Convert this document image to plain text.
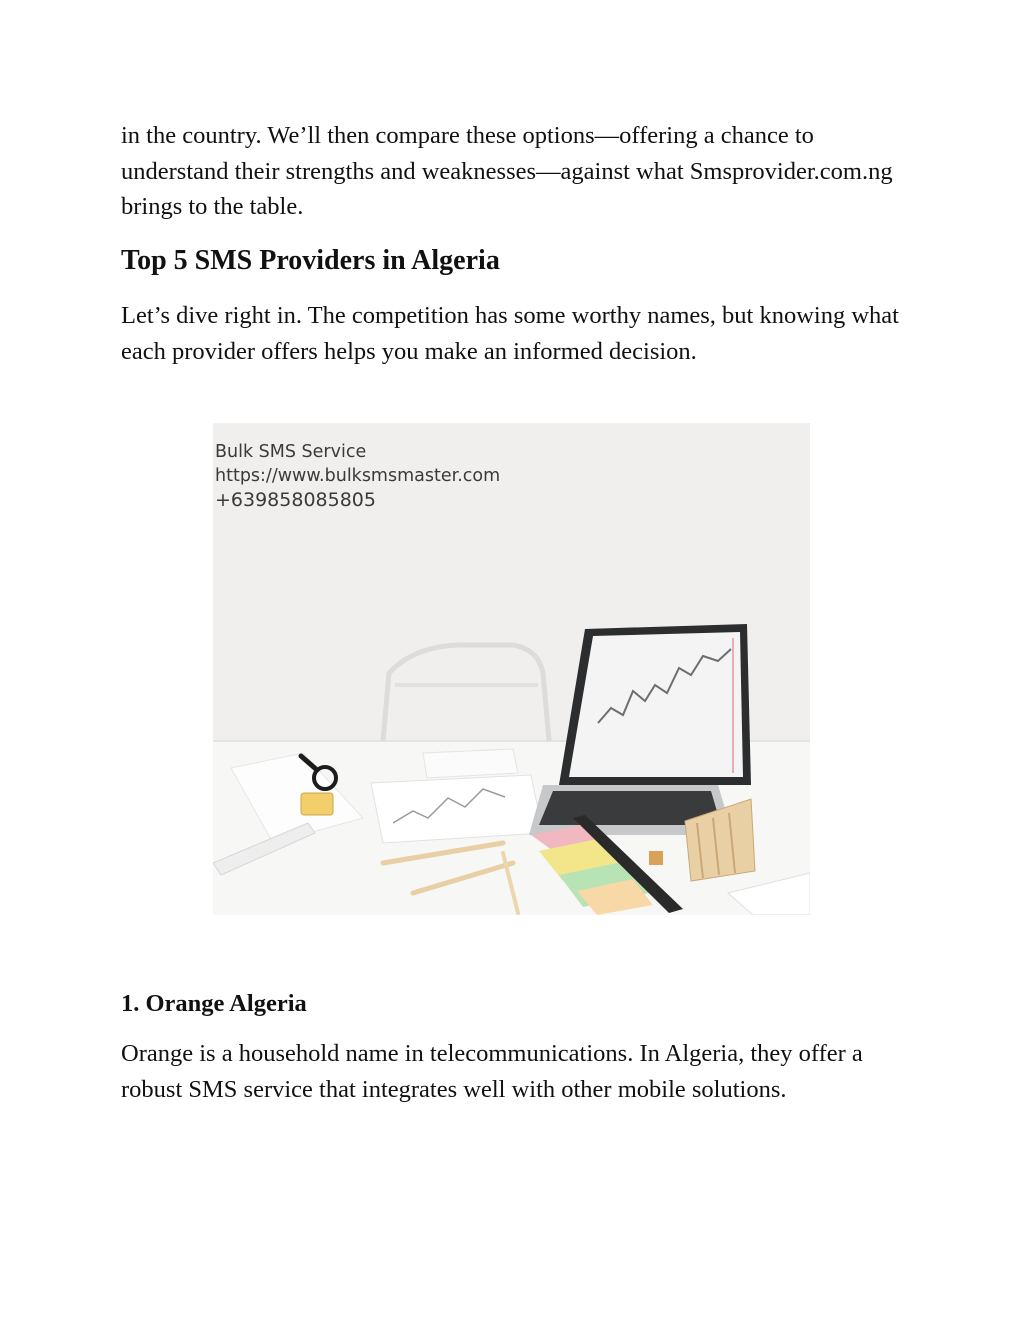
in the country. We’ll then compare these options—offering a chance to understand their strengths and weaknesses—against what Smsprovider.com.ng brings to the table.

Top 5 SMS Providers in Algeria

Let’s dive right in. The competition has some worthy names, but knowing what each provider offers helps you make an informed decision.

Bulk SMS Service
https://www.bulksmsmaster.com
+639858085805
1. Orange Algeria

Orange is a household name in telecommunications. In Algeria, they offer a robust SMS service that integrates well with other mobile solutions.
